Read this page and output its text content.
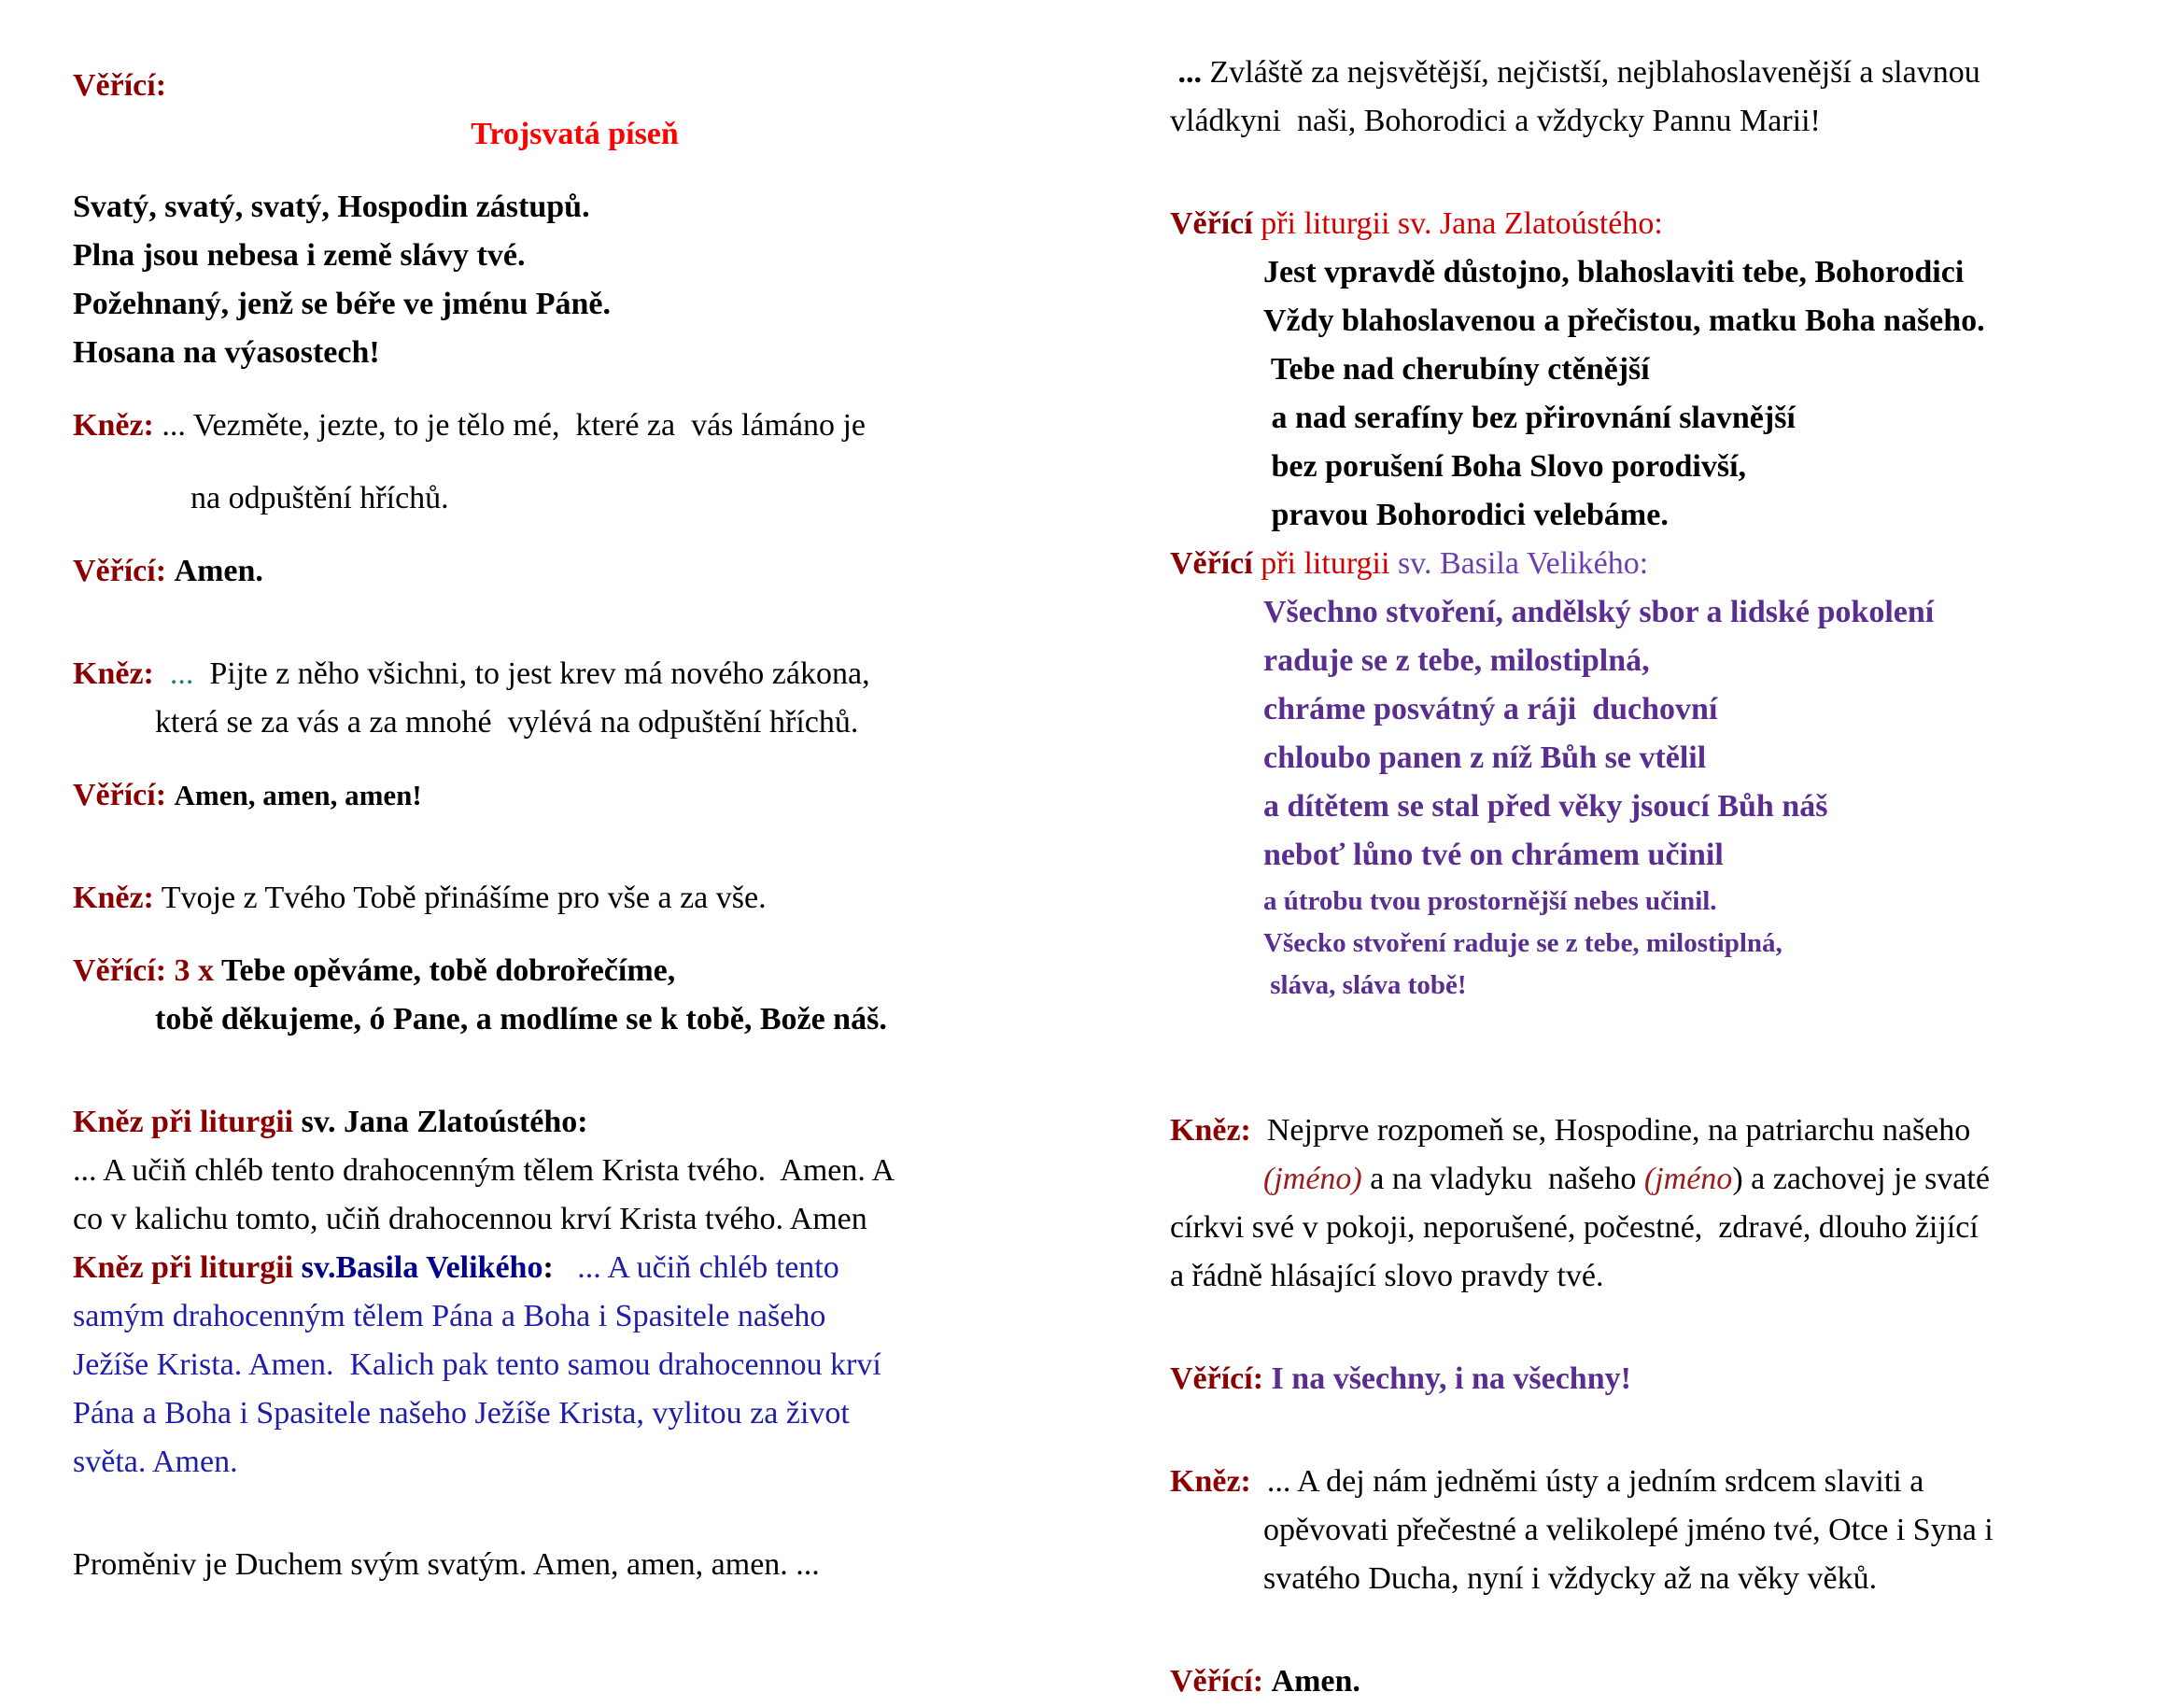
Věřící:
Trojsvatá píseň
Svatý, svatý, svatý, Hospodin zástupů.
Plna jsou nebesa i země slávy tvé.
Požehnaný, jenž se béře ve jménu Páně.
Hosana na výasostech!
Kněz: ... Vezměte, jezte, to je tělo mé,  které za  vás lámáno je
na odpuštění hříchů.
Věřící: Amen.
Kněz: ...  Pijte z něho všichni, to jest krev má nového zákona,
která se za vás a za mnohé  vylévá na odpuštění hříchů.
Věřící: Amen, amen, amen!
Kněz: Tvoje z Tvého Tobě přinášíme pro vše a za vše.
Věřící: 3 x Tebe opěváme, tobě dobrořečíme,
tobě děkujeme, ó Pane, a modlíme se k tobě, Bože náš.
Kněz při liturgii sv. Jana Zlatoústého:
... A učiň chléb tento drahocenným tělem Krista tvého.  Amen. A
co v kalichu tomto, učiň drahocennou krví Krista tvého. Amen
Kněz při liturgii sv.Basila Velikého:   ... A učiň chléb tento
samým drahocenným tělem Pána a Boha i Spasitele našeho
Ježíše Krista. Amen.  Kalich pak tento samou drahocennou krví
Pána a Boha i Spasitele našeho Ježíše Krista, vylitou za život
světa. Amen.
Proměniv je Duchem svým svatým. Amen, amen, amen. ...
... Zvláště za nejsvětější, nejčistší, nejblahoslavenější a slavnou
vládkyni  naši, Bohorodici a vždycky Pannu Marii!
Věřící při liturgii sv. Jana Zlatoústého:
Jest vpravdě důstojno, blahoslaviti tebe, Bohorodici
Vždy blahoslavenou a přečistou, matku Boha našeho.
Tebe nad cherubíny ctěnější
a nad serafíny bez přirovnání slavnější
bez porušení Boha Slovo porodivší,
pravou Bohorodici velebáme.
Věřící při liturgii sv. Basila Velikého:
Všechno stvoření, andělský sbor a lidské pokolení
raduje se z tebe, milostiplná,
chráme posvátný a ráji  duchovní
chloubo panen z níž Bůh se vtělil
a dítětem se stal před věky jsoucí Bůh náš
neboť lůno tvé on chrámem učinil
a útrobu tvou prostornější nebes učinil.
Všecko stvoření raduje se z tebe, milostiplná,
sláva, sláva tobě!
Kněz:  Nejprve rozpomeň se, Hospodine, na patriarchu našeho
(jméno) a na vladyku  našeho (jméno) a zachovej je svaté
církvi své v pokoji, neporušené, počestné,  zdravé, dlouho žijící
a řádně hlásající slovo pravdy tvé.
Věřící: I na všechny, i na všechny!
Kněz:  ... A dej nám jedněmi ústy a jedním srdcem slaviti a
opěvovati přečestné a velikolepé jméno tvé, Otce i Syna i
svatého Ducha, nyní i vždycky až na věky věků.
Věřící: Amen.
